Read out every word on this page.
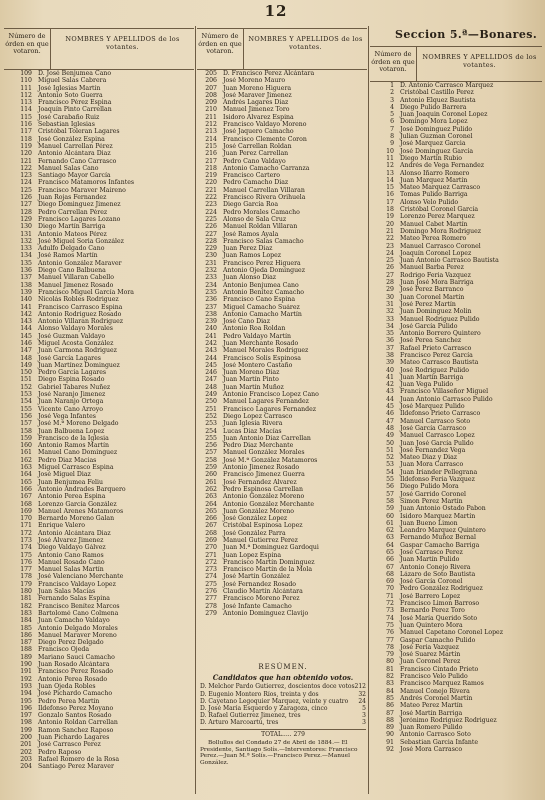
12
Número de órden en que votaron.
NOMBRES Y APELLIDOS de los votantes.
109 D. José Benjumea Cano
110 Miguel Salas Cabrera
111 José Iglesias Martín
112 Antonio Soto Guerra
113 Francisco Pérez Espina
114 Joaquín Pinto Carrellan
115 José Carabaño Ruiz
116 Sebastian Iglesias
117 Cristóbal Toleran Lagares
118 José González Espina
119 Manuel Carrellan Pérez
120 Antonio Alcántara Diaz
121 Fernando Cano Carrasco
122 Manuel Salas Cano
123 Santiago Mayor García
124 Francisco Matamoros Infantes
125 Francisco Maraver Maireno
126 Juan Rojas Fernandez
127 Diego Dominguez Jimenez
128 Pedro Carrellan Pérez
129 Francisco Lagares Lozano
130 Diego Martín Barriga
131 Antonio Mateos Pérez
132 José Miguel Soria González
133 Adulfo Delgado Cano
134 José Ramos Martín
135 Antonio González Maraver
136 Diego Cano Balbuena
137 Manuel Villaran Cabello
138 Manuel Jimenez Rosado
139 Francisco Miguel García Mora
140 Nicolás Robles Rodriguez
141 Francisco Carrasco Espina
142 Antonio Rodriguez Rosado
143 Antonio Villaran Rodriguez
144 Alonso Valdayo Morales
145 José Guzman Valdayo
146 Miguel Acosta González
147 Juan Carmona Rodriguez
148 José García Lagares
149 Juan Martínez Dominguez
150 Pedro García Lagares
151 Diego Espina Rosado
152 Gabriel Tabares Nuñez
153 José Naranjo Jimenez
154 Juan Naranjo Ortega
155 Vicente Cano Arroyo
156 José Vega Infantes
157 José M.ª Moreno Delgado
158 Juan Balbuena Lopez
159 Francisco de la Iglesia
160 Antonio Ramos Martín
161 Manuel Cano Dominguez
162 Pedro Diaz Macias
163 Miguel Carrasco Espina
164 José Miguel Diaz
165 Juan Benjumea Feliu
166 Antonio Andrades Barquero
167 Antonio Perea Espina
168 Lorenzo García González
169 Manuel Arenes Matamoros
170 Bernardo Moreno Galan
171 Enrique Valero
172 Antonio Alcántara Diaz
173 José Alvarez Jimenez
174 Diego Valdayo Gálvez
175 Antonio Cano Ramos
176 Manuel Rosado Cano
177 Manuel Salas Martín
178 José Valenciano Merchante
179 Francisco Valdayo Lopez
180 Juan Salas Macías
181 Fernando Salas Espina
182 Francisco Benítez Marcos
183 Bartolomé Cano Colmena
184 Juan Camacho Valdayo
185 Antonio Delgado Morales
186 Manuel Maraver Moreno
187 Diego Perez Delgado
188 Francisco Ojeda
189 Mariano Sauci Camacho
190 Juan Rosado Alcántara
191 Francisco Perez Rosado
192 Antonio Perea Rosado
193 Juan Ojeda Robles
194 José Pichardo Camacho
195 Pedro Perea Martín
196 Ildefonso Perez Moyano
197 Gonzalo Santos Rosado
198 Antonio Roldan Carrellan
199 Ramon Sanchez Raposo
200 Juan Pichardo Lagares
201 José Carrasco Perez
202 Pedro Raposo
203 Rafael Romero de la Rosa
204 Santiago Perez Maraver
Número de órden en que votaron.
NOMBRES Y APELLIDOS de los votantes.
205 D. Francisco Perez Alcántara
206 José Moreno Mauro
207 Juan Moreno Higuera
208 José Maraver Jimenez
209 Andrés Lagares Diaz
210 Manuel Jimenez Toro
211 Isidoro Alvarez Espina
212 Francisco Valdayo Moreno
213 José Jaquero Camacho
214 Francisco Clemente Coron
215 José Carrellan Roldan
216 Juan Perez Carrellan
217 Pedro Cano Valdayo
218 Antonio Camacho Carranza
219 Francisco Cartero
220 Pedro Camacho Diaz
221 Manuel Carrellan Villaran
222 Francisco Rivera Orihuela
223 Diego García Roa
224 Pedro Morales Camacho
225 Alonso de Sala Cruz
226 Manuel Roldan Villaran
227 José Ramos Ayala
228 Francisco Salas Camacho
229 Juan Perez Diaz
230 Juan Ramos Lopez
231 Francisco Perez Higuera
232 Antonio Ojeda Dominguez
233 Juan Alonso Diaz
234 Antonio Benjumea Cano
235 Antonio Benítez Camacho
236 Francisco Cano Espina
237 Miguel Camacho Suárez
238 Antonio Camacho Martín
239 José Cano Diaz
240 Antonio Roa Roldan
241 Pedro Valdayo Martín
242 Juan Merchante Rosado
243 Manuel Morales Rodriguez
244 Francisco Solís Espinosa
245 José Montero Castaño
246 Juan Moreno Diaz
247 Juan Martín Pinto
248 Juan Martín Muñoz
249 Antonio Francisco Lopez Cano
250 Manuel Lagares Fernandez
251 Francisco Lagares Fernandez
252 Diego Lopez Carrasco
253 Juan Iglesia Rivera
254 Lucas Diaz Macías
255 Juan Antonio Diaz Carrellan
256 Pedro Diaz Merchante
257 Manuel González Morales
258 José M.ª González Matamoros
259 Antonio Jimenez Rosado
260 Francisco Jimenez Guerra
261 José Fernandez Alvarez
262 Pedro Espinosa Carrellan
263 Antonio González Moreno
264 Antonio González Merchante
265 Juan González Moreno
266 José González Lopez
267 Cristóbal Espinosa Lopez
268 José González Parra
269 Manuel Gutierrez Perez
270 Juan M.ª Dominguez Gardoqui
271 Juan Lopez Espina
272 Francisco Martín Dominguez
273 Francisco Martín de la Mola
274 José Martín González
275 José Fernandez Rosado
276 Claudio Martín Alcántara
277 Francisco Moreno Perez
278 José Infante Camacho
279 Antonio Dominguez Clavijo
RESÚMEN.
Candidatos que han obtenido votos.
212
D. Melchor Pardo Gutierrez, doscientos doce votos
32
D. Eugenio Montero Ríos, treinta y dos
24
D. Cayetano Legoquier Marquez, veinte y cuatro
5
D. José María Esquerdo y Zaragoza, cinco
3
D. Rafael Gutierrez Jimenez, tres
3
D. Arturo Marcoartú, tres
TOTAL..... 279
Bollullos del Condado 27 de Abril de 1884.— El Presidente, Santiago Solís.—Interventores: Francisco Perez.—Juan M.ª Solís.—Francisco Perez.—Manuel González.
Seccion 5.ª—Bonares.
Número de órden en que votaron.
NOMBRES Y APELLIDOS de los votantes.
1 D. Antonio Carrasco Marquez
2 Cristóbal Castillo Perez
3 Antonio Elquez Bautista
4 Diego Pulido Barrera
5 Juan Joaquin Coronel Lopez
6 Domingo Mora Lopez
7 José Dominguez Pulido
8 Julian Guzman Coronel
9 José Marquez Garcia
10 José Dominguez García
11 Diego Martín Rubio
12 Andrés de Vega Fernandez
13 Alonso Iñarro Romero
14 Juan Marquez Martín
15 Mateo Marquez Carrasco
16 Tomas Pulido Barriga
17 Alonso Velo Pulido
18 Cristóbal Coronel García
19 Lorenzo Perez Marquez
20 Manuel Cabet Martín
21 Domingo Mora Rodriguez
22 Mateo Perea Romero
23 Manuel Carrasco Coronel
24 Joaquín Coronel Lopez
25 Juan Antonio Carrasco Bautista
26 Manuel Barba Perez
27 Rodrigo Feria Vazquez
28 Juan José Mora Barriga
29 José Perez Barranco
30 Juan Coronel Martín
31 José Perez Martín
32 Juan Dominguez Molin
33 Manuel Rodriguez Pulido
34 José García Pulido
35 Antonio Borrero Quintero
36 José Perea Sanchez
37 Rafael Prieto Carrasco
38 Francisco Perez García
39 Mateo Carrasco Bautista
40 José Rodriguez Pulido
41 Juan Martín Barriga
42 Juan Vega Pulido
43 Francisco Villaseñor Miguel
44 Juan Antonio Carrasco Pulido
45 José Marquez Pulido
46 Ildefonso Prieto Carrasco
47 Manuel Carrasco Soto
48 José García Carrasco
49 Manuel Carrasco Lopez
50 Juan José García Pulido
51 José Fernandez Vega
52 Mateo Diaz y Diaz
53 Juan Mora Carrasco
54 Juan Iriander Pellegrana
55 Ildefonso Feria Vazquez
56 Diego Pulido Mora
57 José Garrido Coronel
58 Simon Perez Martín
59 Juan Antonio Ostado Pabon
60 Isidoro Marquez Martín
61 Juan Bueno Limon
62 Leandro Marquez Quintero
63 Fernando Muñoz Bernal
64 Gaspar Camacho Barriga
65 José Carrasco Perez
66 Juan Martín Pulido
67 Antonio Conejo Rivera
68 Lázaro de Soto Bautista
69 José García Coronel
70 Pedro González Rodriguez
71 José Barrero Lopez
72 Francisco Limon Barroso
73 Bernardo Perez Toro
74 José María Querido Soto
75 Juan Quintero Mora
76 Manuel Capetano Coronel Lopez
77 Gaspar Camacho Pulido
78 José Feria Vazquez
79 José Suarez Martín
80 Juan Coronel Perez
81 Francisco Cintado Prieto
82 Francisco Velo Pulido
83 Francisco Marquez Ramos
84 Manuel Conejo Rivera
85 Andrés Coronel Martín
86 Mateo Perez Martín
87 José Martín Barriga
88 Jerónimo Rodriguez Rodriguez
89 Juan Romero Pulido
90 Antonio Carrasco Soto
91 Sebastian Garcia Infante
92 José Mora Carrasco
